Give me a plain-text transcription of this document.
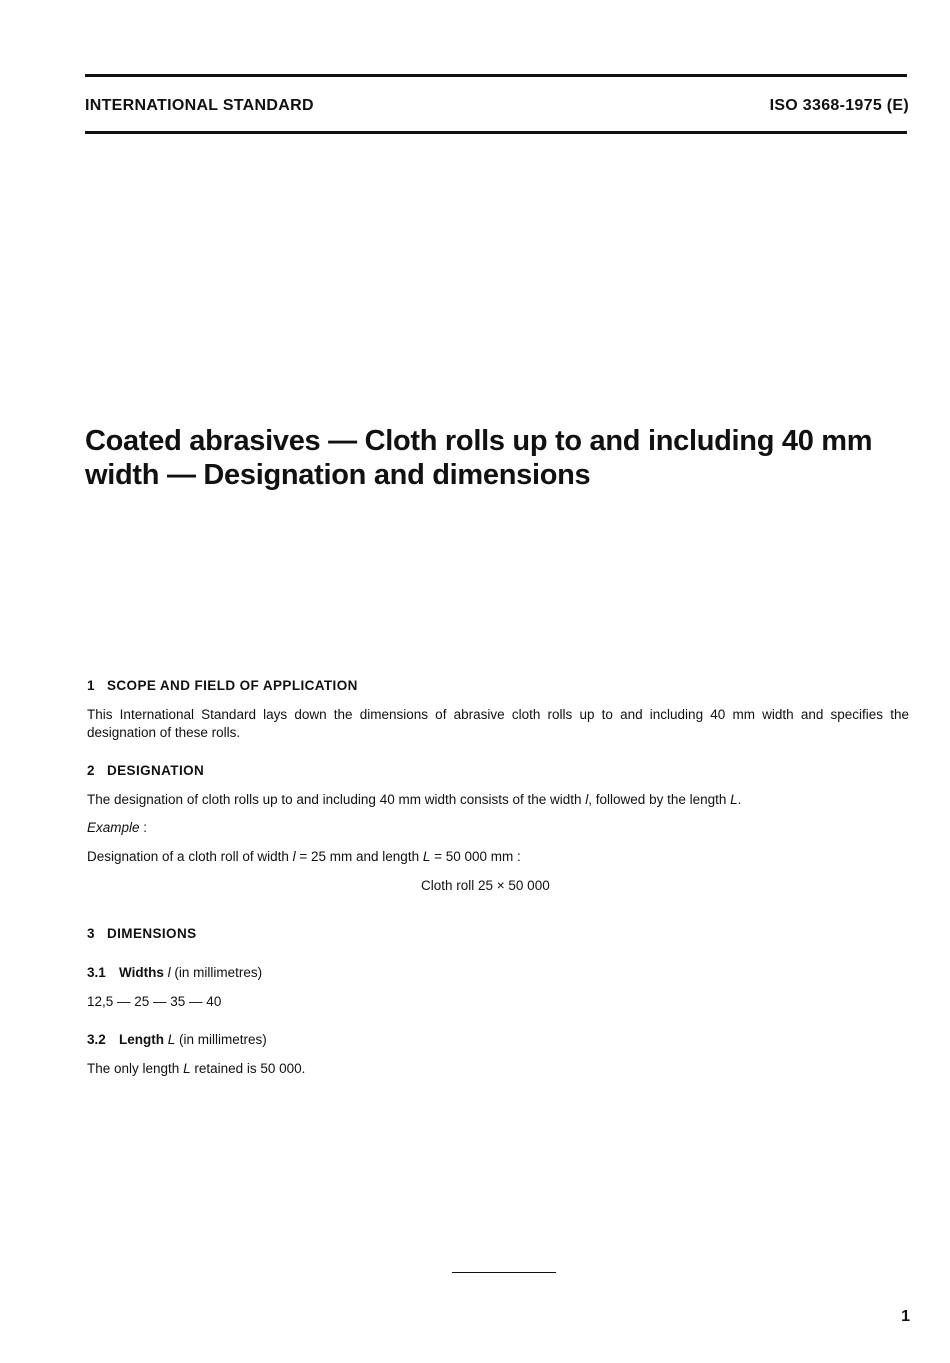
INTERNATIONAL STANDARD	ISO 3368-1975 (E)
Coated abrasives — Cloth rolls up to and including 40 mm
width — Designation and dimensions

1 SCOPE AND FIELD OF APPLICATION

This International Standard lays down the dimensions of abrasive cloth rolls up to and including 40 mm width and specifies the designation of these rolls.

2 DESIGNATION

The designation of cloth rolls up to and including 40 mm width consists of the width l, followed by the length L.

Example :

Designation of a cloth roll of width l = 25 mm and length L = 50 000 mm :

Cloth roll 25 × 50 000

3 DIMENSIONS

3.1 Widths l (in millimetres)

12,5 — 25 — 35 — 40

3.2 Length L (in millimetres)

The only length L retained is 50 000.

1
